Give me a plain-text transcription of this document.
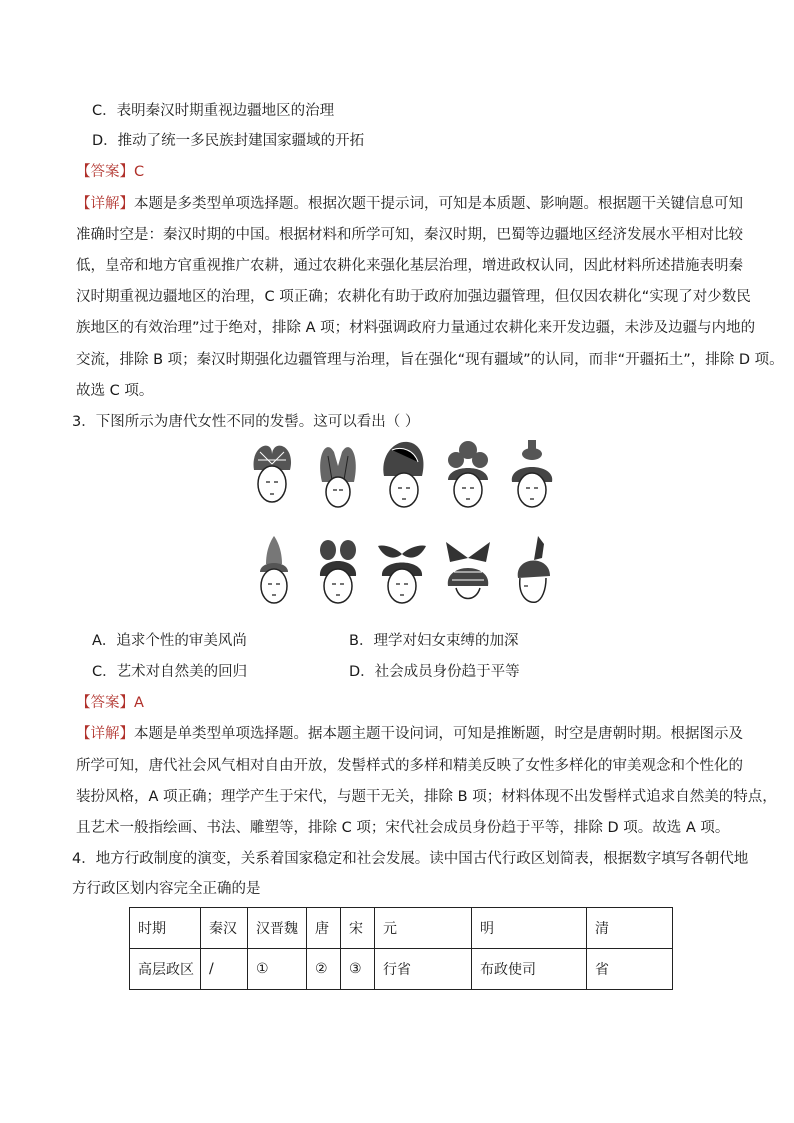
C．表明秦汉时期重视边疆地区的治理
D．推动了统一多民族封建国家疆域的开拓
【答案】C
【详解】本题是多类型单项选择题。根据次题干提示词，可知是本质题、影响题。根据题干关键信息可知
准确时空是：秦汉时期的中国。根据材料和所学可知，秦汉时期，巴蜀等边疆地区经济发展水平相对比较
低，皇帝和地方官重视推广农耕，通过农耕化来强化基层治理，增进政权认同，因此材料所述措施表明秦
汉时期重视边疆地区的治理，C 项正确；农耕化有助于政府加强边疆管理，但仅因农耕化“实现了对少数民
族地区的有效治理”过于绝对，排除 A 项；材料强调政府力量通过农耕化来开发边疆，未涉及边疆与内地的
交流，排除 B 项；秦汉时期强化边疆管理与治理，旨在强化“现有疆域”的认同，而非“开疆拓土”，排除 D 项。
故选 C 项。
3．下图所示为唐代女性不同的发髻。这可以看出（ ）
A．追求个性的审美风尚	B．理学对妇女束缚的加深
C．艺术对自然美的回归	D．社会成员身份趋于平等
【答案】A
【详解】本题是单类型单项选择题。据本题主题干设问词，可知是推断题，时空是唐朝时期。根据图示及
所学可知，唐代社会风气相对自由开放，发髻样式的多样和精美反映了女性多样化的审美观念和个性化的
装扮风格，A 项正确；理学产生于宋代，与题干无关，排除 B 项；材料体现不出发髻样式追求自然美的特点，
且艺术一般指绘画、书法、雕塑等，排除 C 项；宋代社会成员身份趋于平等，排除 D 项。故选 A 项。
4．地方行政制度的演变，关系着国家稳定和社会发展。读中国古代行政区划简表，根据数字填写各朝代地
方行政区划内容完全正确的是
时期	秦汉	汉晋魏	唐	宋	元	明	清
高层政区	/	①	②	③	行省	布政使司	省
